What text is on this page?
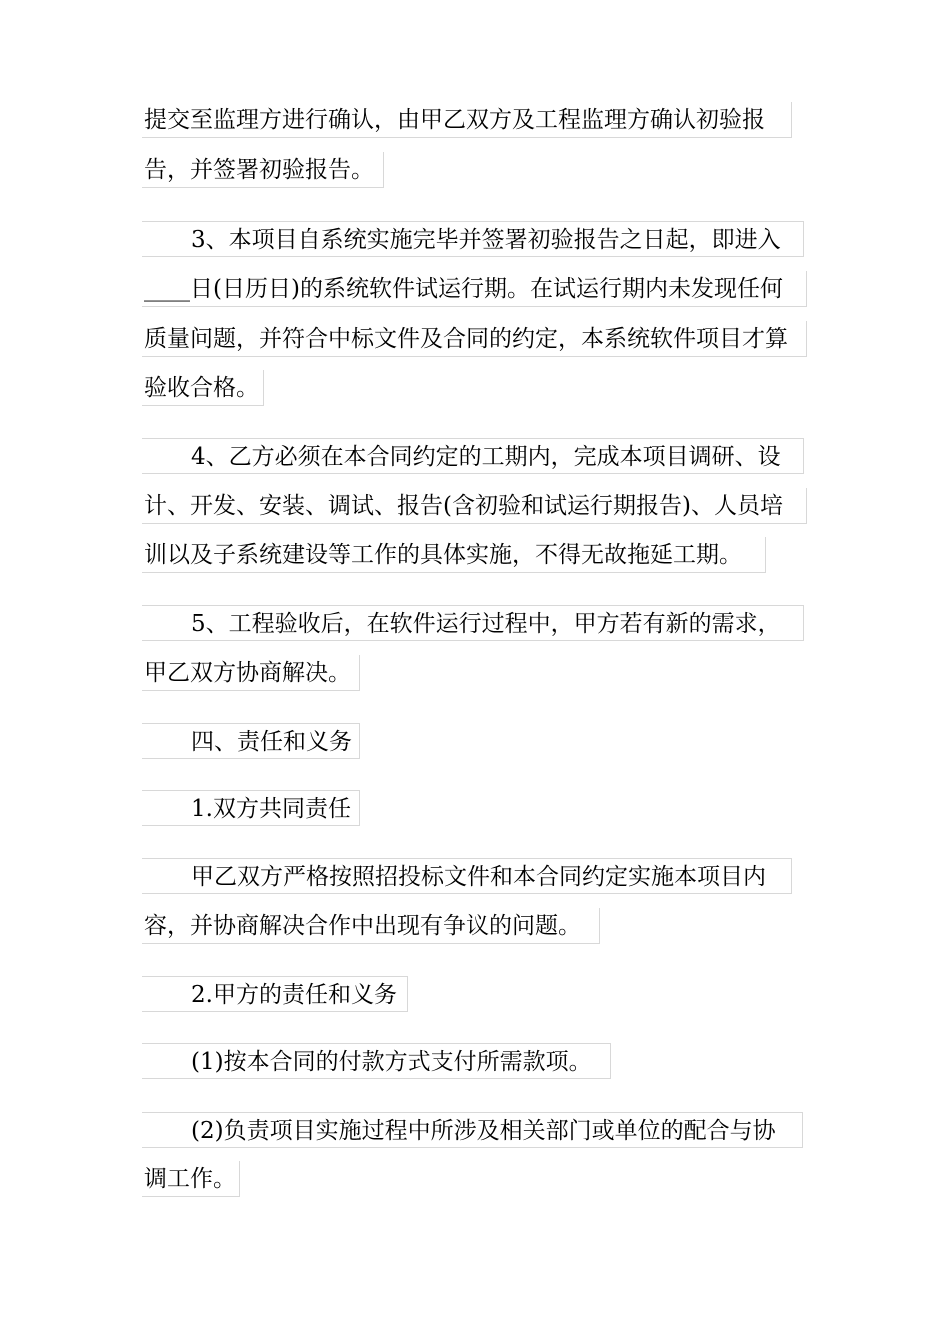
提交至监理方进行确认，由甲乙双方及工程监理方确认初验报
告，并签署初验报告。
3、本项目自系统实施完毕并签署初验报告之日起，即进入
____日(日历日)的系统软件试运行期。在试运行期内未发现任何
质量问题，并符合中标文件及合同的约定，本系统软件项目才算
验收合格。
4、乙方必须在本合同约定的工期内，完成本项目调研、设
计、开发、安装、调试、报告(含初验和试运行期报告)、人员培
训以及子系统建设等工作的具体实施，不得无故拖延工期。
5、工程验收后，在软件运行过程中，甲方若有新的需求，
甲乙双方协商解决。
四、责任和义务
1.双方共同责任
甲乙双方严格按照招投标文件和本合同约定实施本项目内
容，并协商解决合作中出现有争议的问题。
2.甲方的责任和义务
(1)按本合同的付款方式支付所需款项。
(2)负责项目实施过程中所涉及相关部门或单位的配合与协
调工作。
